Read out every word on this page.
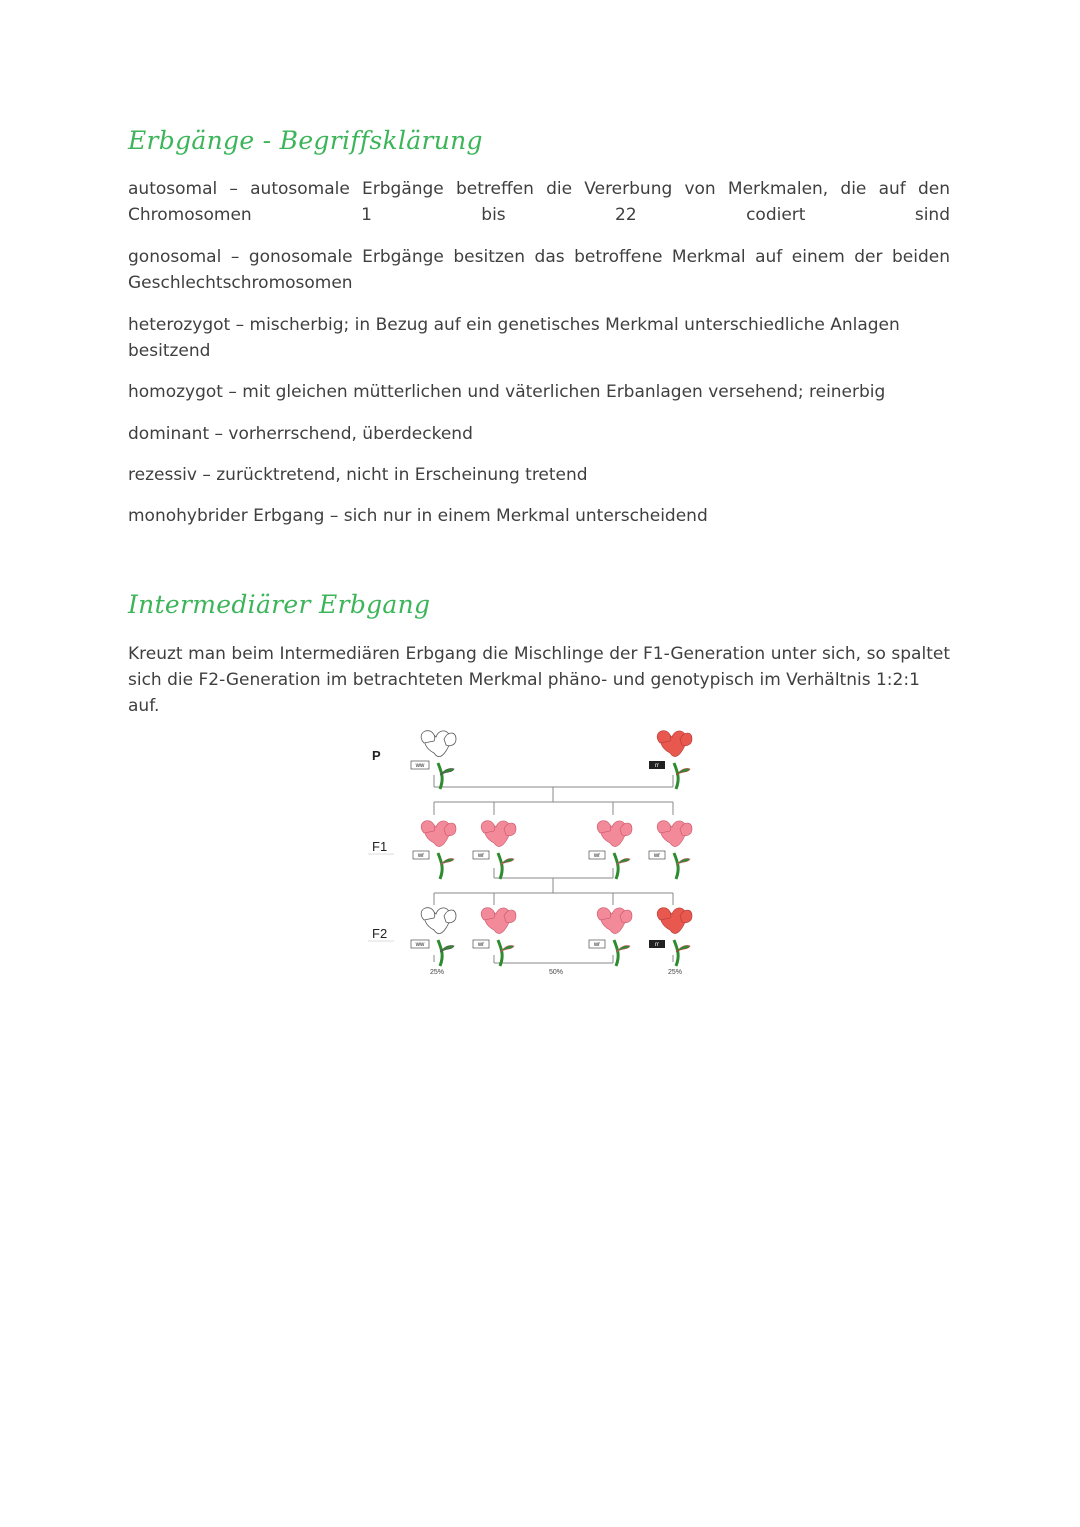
Erbgänge - Begriffsklärung

autosomal – autosomale Erbgänge betreffen die Vererbung von Merkmalen, die auf den

Chromosomen 1 bis 22 codiert sind

gonosomal – gonosomale Erbgänge besitzen das betroffene Merkmal auf einem der beiden

Geschlechtschromosomen

heterozygot – mischerbig; in Bezug auf ein genetisches Merkmal unterschiedliche Anlagen

besitzend

homozygot – mit gleichen mütterlichen und väterlichen Erbanlagen versehend; reinerbig

dominant – vorherrschend, überdeckend

rezessiv – zurücktretend, nicht in Erscheinung tretend

monohybrider Erbgang – sich nur in einem Merkmal unterscheidend

Intermediärer Erbgang

Kreuzt man beim Intermediären Erbgang die Mischlinge der F1-Generation unter sich, so spaltet

sich die F2-Generation im betrachteten Merkmal phäno- und genotypisch im Verhältnis 1:2:1 auf.

P
F1
F2
ww	rr
wr	wr	wr	wr
ww	wr	wr	rr
25%	50%	25%
